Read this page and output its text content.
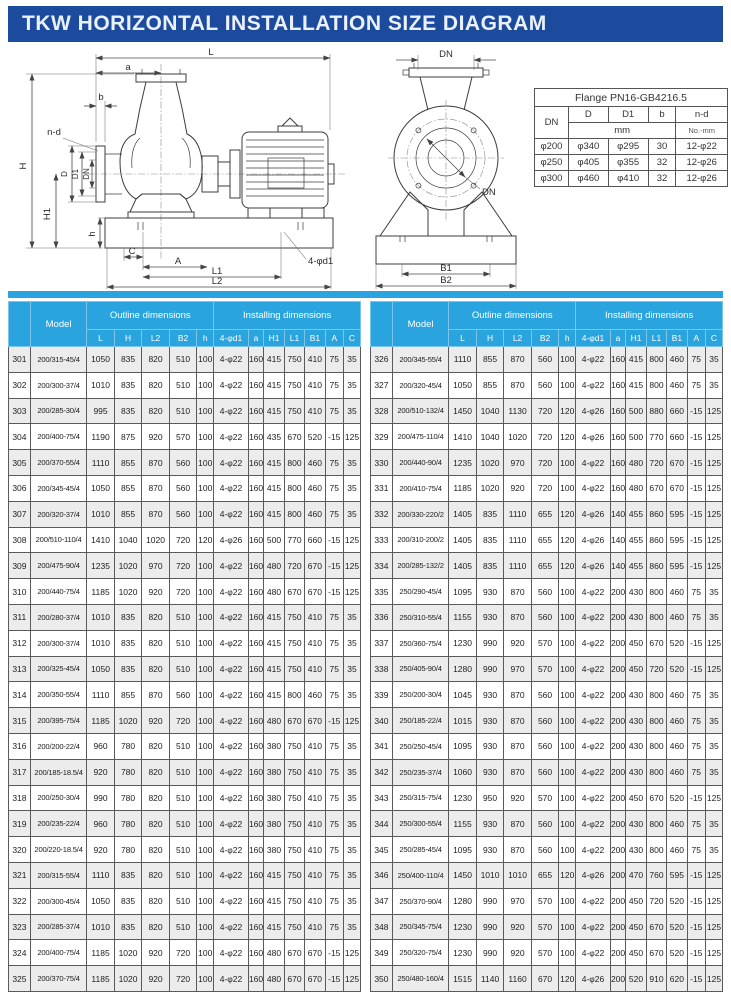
TKW HORIZONTAL INSTALLATION SIZE DIAGRAM
L
a
b
n-d
H
H1
D D1 DN
h
C
A
L1
L2
4-φd1
DN
DN
B1
B2
Flange PN16-GB4216.5				
DN	D	D1	b	n-d
	mm			No.-mm
φ200	φ340	φ295	30	12-φ22
φ250	φ405	φ355	32	12-φ26
φ300	φ460	φ410	32	12-φ26
	Model	Outline dimensions					Installing dimensions						
		L	H	L2	B2	h	4-φd1	a	H1	L1	B1	A	C
301	200/315-45/4	1050	835	820	510	100	4-φ22	160	415	750	410	75	35
302	200/300-37/4	1010	835	820	510	100	4-φ22	160	415	750	410	75	35
303	200/285-30/4	995	835	820	510	100	4-φ22	160	415	750	410	75	35
304	200/400-75/4	1190	875	920	570	100	4-φ22	160	435	670	520	-15	125
305	200/370-55/4	1110	855	870	560	100	4-φ22	160	415	800	460	75	35
306	200/345-45/4	1050	855	870	560	100	4-φ22	160	415	800	460	75	35
307	200/320-37/4	1010	855	870	560	100	4-φ22	160	415	800	460	75	35
308	200/510-110/4	1410	1040	1020	720	120	4-φ26	160	500	770	660	-15	125
309	200/475-90/4	1235	1020	970	720	100	4-φ22	160	480	720	670	-15	125
310	200/440-75/4	1185	1020	920	720	100	4-φ22	160	480	670	670	-15	125
311	200/280-37/4	1010	835	820	510	100	4-φ22	160	415	750	410	75	35
312	200/300-37/4	1010	835	820	510	100	4-φ22	160	415	750	410	75	35
313	200/325-45/4	1050	835	820	510	100	4-φ22	160	415	750	410	75	35
314	200/350-55/4	1110	855	870	560	100	4-φ22	160	415	800	460	75	35
315	200/395-75/4	1185	1020	920	720	100	4-φ22	160	480	670	670	-15	125
316	200/200-22/4	960	780	820	510	100	4-φ22	160	380	750	410	75	35
317	200/185-18.5/4	920	780	820	510	100	4-φ22	160	380	750	410	75	35
318	200/250-30/4	990	780	820	510	100	4-φ22	160	380	750	410	75	35
319	200/235-22/4	960	780	820	510	100	4-φ22	160	380	750	410	75	35
320	200/220-18.5/4	920	780	820	510	100	4-φ22	160	380	750	410	75	35
321	200/315-55/4	1110	835	820	510	100	4-φ22	160	415	750	410	75	35
322	200/300-45/4	1050	835	820	510	100	4-φ22	160	415	750	410	75	35
323	200/285-37/4	1010	835	820	510	100	4-φ22	160	415	750	410	75	35
324	200/400-75/4	1185	1020	920	720	100	4-φ22	160	480	670	670	-15	125
325	200/370-75/4	1185	1020	920	720	100	4-φ22	160	480	670	670	-15	125
	Model	Outline dimensions					Installing dimensions						
		L	H	L2	B2	h	4-φd1	a	H1	L1	B1	A	C
326	200/345-55/4	1110	855	870	560	100	4-φ22	160	415	800	460	75	35
327	200/320-45/4	1050	855	870	560	100	4-φ22	160	415	800	460	75	35
328	200/510-132/4	1450	1040	1130	720	120	4-φ26	160	500	880	660	-15	125
329	200/475-110/4	1410	1040	1020	720	120	4-φ26	160	500	770	660	-15	125
330	200/440-90/4	1235	1020	970	720	100	4-φ22	160	480	720	670	-15	125
331	200/410-75/4	1185	1020	920	720	100	4-φ22	160	480	670	670	-15	125
332	200/330-220/2	1405	835	1110	655	120	4-φ26	140	455	860	595	-15	125
333	200/310-200/2	1405	835	1110	655	120	4-φ26	140	455	860	595	-15	125
334	200/285-132/2	1405	835	1110	655	120	4-φ26	140	455	860	595	-15	125
335	250/290-45/4	1095	930	870	560	100	4-φ22	200	430	800	460	75	35
336	250/310-55/4	1155	930	870	560	100	4-φ22	200	430	800	460	75	35
337	250/360-75/4	1230	990	920	570	100	4-φ22	200	450	670	520	-15	125
338	250/405-90/4	1280	990	970	570	100	4-φ22	200	450	720	520	-15	125
339	250/200-30/4	1045	930	870	560	100	4-φ22	200	430	800	460	75	35
340	250/185-22/4	1015	930	870	560	100	4-φ22	200	430	800	460	75	35
341	250/250-45/4	1095	930	870	560	100	4-φ22	200	430	800	460	75	35
342	250/235-37/4	1060	930	870	560	100	4-φ22	200	430	800	460	75	35
343	250/315-75/4	1230	950	920	570	100	4-φ22	200	450	670	520	-15	125
344	250/300-55/4	1155	930	870	560	100	4-φ22	200	430	800	460	75	35
345	250/285-45/4	1095	930	870	560	100	4-φ22	200	430	800	460	75	35
346	250/400-110/4	1450	1010	1010	655	120	4-φ26	200	470	760	595	-15	125
347	250/370-90/4	1280	990	970	570	100	4-φ22	200	450	720	520	-15	125
348	250/345-75/4	1230	990	920	570	100	4-φ22	200	450	670	520	-15	125
349	250/320-75/4	1230	990	920	570	100	4-φ22	200	450	670	520	-15	125
350	250/480-160/4	1515	1140	1160	670	120	4-φ26	200	520	910	620	-15	125
